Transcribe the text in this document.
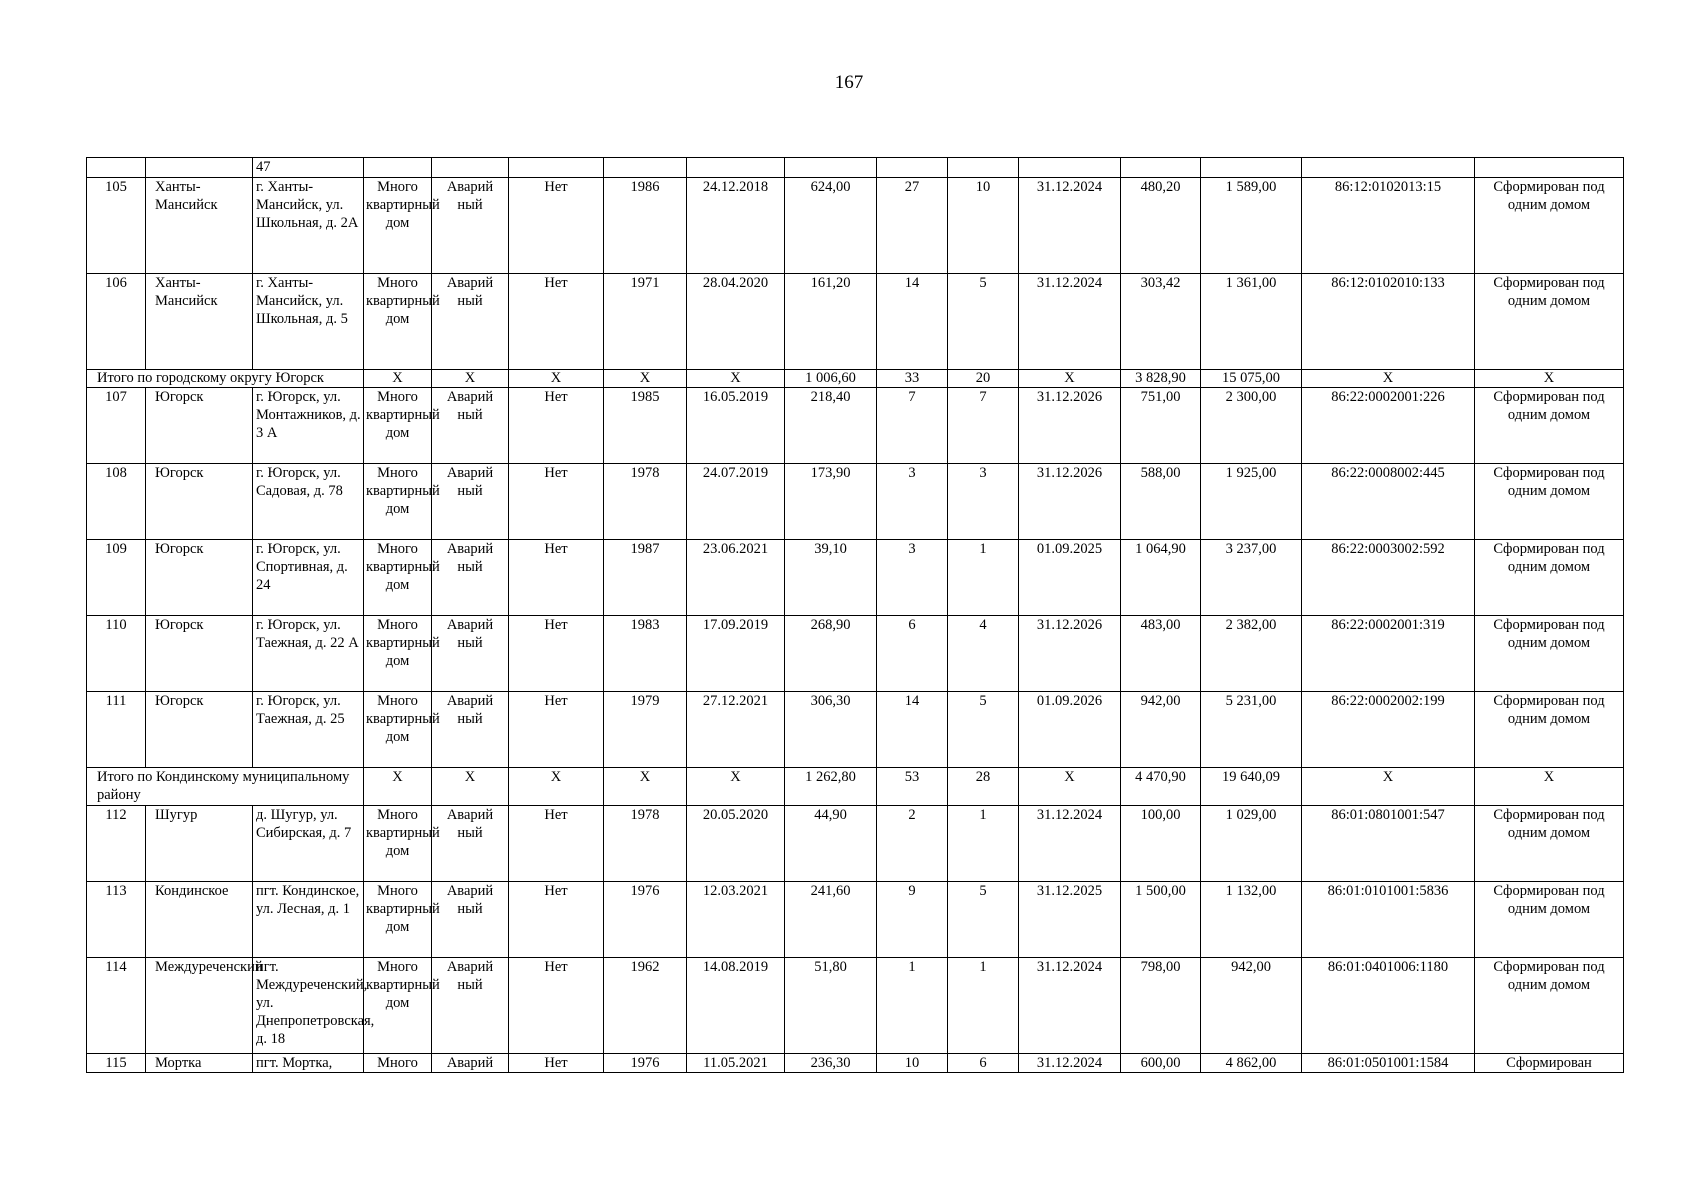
167
		47													
105	Ханты-Мансийск	г. Ханты-Мансийск, ул. Школьная, д. 2А	Много квартирный дом	Аварий ный	Нет	1986	24.12.2018	624,00	27	10	31.12.2024	480,20	1 589,00	86:12:0102013:15	Сформирован под одним домом
106	Ханты-Мансийск	г. Ханты-Мансийск, ул. Школьная, д. 5	Много квартирный дом	Аварий ный	Нет	1971	28.04.2020	161,20	14	5	31.12.2024	303,42	1 361,00	86:12:0102010:133	Сформирован под одним домом
Итого по городскому округу Югорск			X	X	X	X	X	1 006,60	33	20	X	3 828,90	15 075,00	X	X
107	Югорск	г. Югорск, ул. Монтажников, д. 3 А	Много квартирный дом	Аварий ный	Нет	1985	16.05.2019	218,40	7	7	31.12.2026	751,00	2 300,00	86:22:0002001:226	Сформирован под одним домом
108	Югорск	г. Югорск, ул. Садовая, д. 78	Много квартирный дом	Аварий ный	Нет	1978	24.07.2019	173,90	3	3	31.12.2026	588,00	1 925,00	86:22:0008002:445	Сформирован под одним домом
109	Югорск	г. Югорск, ул. Спортивная, д. 24	Много квартирный дом	Аварий ный	Нет	1987	23.06.2021	39,10	3	1	01.09.2025	1 064,90	3 237,00	86:22:0003002:592	Сформирован под одним домом
110	Югорск	г. Югорск, ул. Таежная, д. 22 А	Много квартирный дом	Аварий ный	Нет	1983	17.09.2019	268,90	6	4	31.12.2026	483,00	2 382,00	86:22:0002001:319	Сформирован под одним домом
111	Югорск	г. Югорск, ул. Таежная, д. 25	Много квартирный дом	Аварий ный	Нет	1979	27.12.2021	306,30	14	5	01.09.2026	942,00	5 231,00	86:22:0002002:199	Сформирован под одним домом
Итого по Кондинскому муниципальному району			X	X	X	X	X	1 262,80	53	28	X	4 470,90	19 640,09	X	X
112	Шугур	д. Шугур, ул. Сибирская, д. 7	Много квартирный дом	Аварий ный	Нет	1978	20.05.2020	44,90	2	1	31.12.2024	100,00	1 029,00	86:01:0801001:547	Сформирован под одним домом
113	Кондинское	пгт. Кондинское, ул. Лесная, д. 1	Много квартирный дом	Аварий ный	Нет	1976	12.03.2021	241,60	9	5	31.12.2025	1 500,00	1 132,00	86:01:0101001:5836	Сформирован под одним домом
114	Междуреченский	пгт. Междуреченский, ул. Днепропетровская, д. 18	Много квартирный дом	Аварий ный	Нет	1962	14.08.2019	51,80	1	1	31.12.2024	798,00	942,00	86:01:0401006:1180	Сформирован под одним домом
115	Мортка	пгт. Мортка,	Много	Аварий	Нет	1976	11.05.2021	236,30	10	6	31.12.2024	600,00	4 862,00	86:01:0501001:1584	Сформирован
